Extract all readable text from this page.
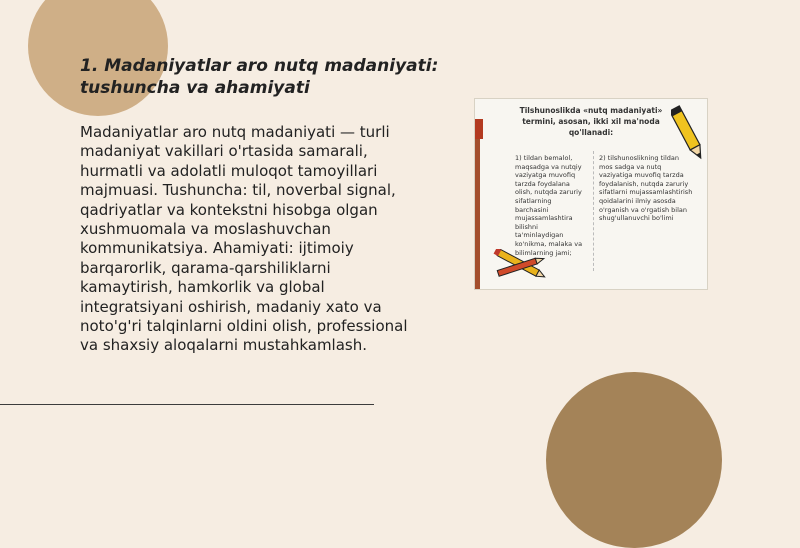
1. Madaniyatlar aro nutq madaniyati: tushuncha va ahamiyati

Madaniyatlar aro nutq madaniyati — turli madaniyat vakillari o'rtasida samarali, hurmatli va adolatli muloqot tamoyillari majmuasi. Tushuncha: til, noverbal signal, qadriyatlar va kontekstni hisobga olgan xushmuomala va moslashuvchan kommunikatsiya. Ahamiyati: ijtimoiy barqarorlik, qarama-qarshiliklarni kamaytirish, hamkorlik va global integratsiyani oshirish, madaniy xato va noto'g'ri talqinlarni oldini olish, professional va shaxsiy aloqalarni mustahkamlash.

Tilshunoslikda «nutq madaniyati» termini, asosan, ikki xil ma'noda qo'llanadi:
1) tildan bemalol, maqsadga va nutqiy vaziyatga muvofiq tarzda foydalana olish, nutqda zaruriy sifatlarning barchasini mujassamlashtira bilishni ta'minlaydigan ko'nikma, malaka va bilimlarning jami;
2) tilshunoslikning tildan mos sadga va nutq vaziyatiga muvofiq tarzda foydalanish, nutqda zaruriy sifatlarni mujassamlashtirish qoidalarini ilmiy asosda o'rganish va o'rgatish bilan shug'ullanuvchi bo'limi
